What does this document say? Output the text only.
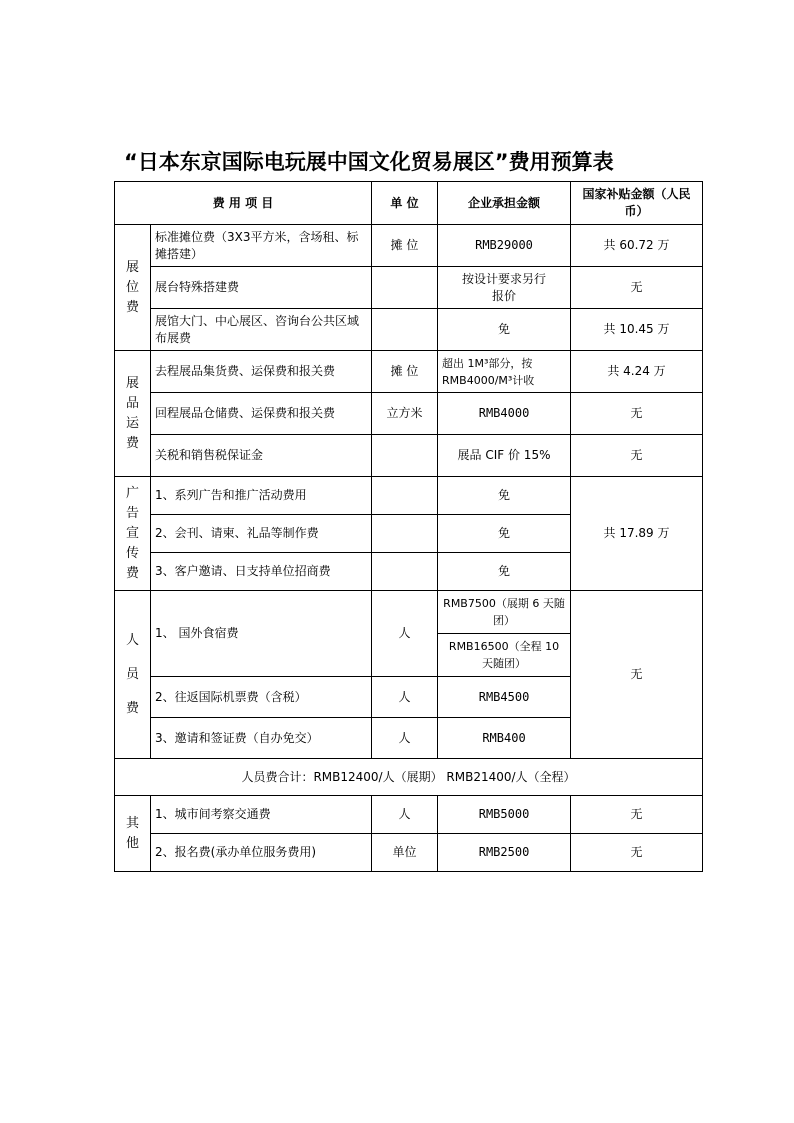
“日本东京国际电玩展中国文化贸易展区”费用预算表
费 用 项 目		单 位	企业承担金额	国家补贴金额（人民币）
展位费	标准摊位费（3X3平方米，含场租、标摊搭建）	摊 位	RMB29000	共 60.72 万
	展台特殊搭建费		按设计要求另行报价	无
	展馆大门、中心展区、咨询台公共区域布展费		免	共 10.45 万
展品运费	去程展品集货费、运保费和报关费	摊 位	超出 1M³部分，按 RMB4000/M³计收	共 4.24 万
	回程展品仓储费、运保费和报关费	立方米	RMB4000	无
	关税和销售税保证金		展品 CIF 价 15%	无
广告宣传费	1、系列广告和推广活动费用		免	共 17.89 万
	2、会刊、请柬、礼品等制作费		免	
	3、客户邀请、日支持单位招商费		免	
人员费	1、 国外食宿费	人	RMB7500（展期 6 天随团）	无
			RMB16500（全程 10 天随团）	
	2、往返国际机票费（含税）	人	RMB4500	
	3、邀请和签证费（自办免交）	人	RMB400	
人员费合计：RMB12400/人（展期） RMB21400/人（全程）				
其他	1、城市间考察交通费	人	RMB5000	无
	2、报名费(承办单位服务费用)	单位	RMB2500	无
